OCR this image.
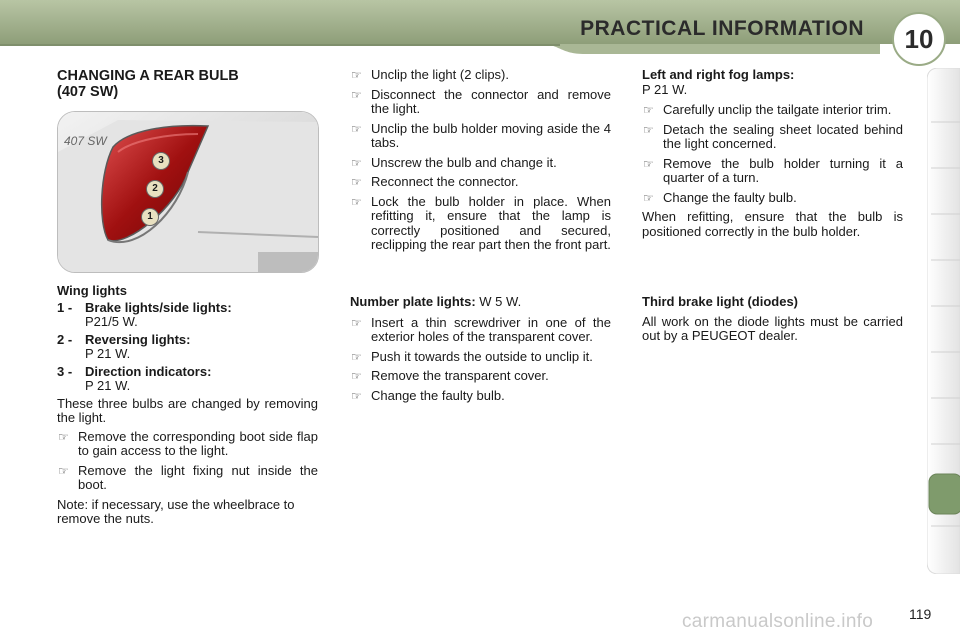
PRACTICAL INFORMATION	10
CHANGING A REAR BULB
(407 SW)
407 SW
3
2
1

Wing lights

1 - Brake lights/side lights:
P21/5 W.
2 - Reversing lights:
P 21 W.
3 - Direction indicators:
P 21 W.

These three bulbs are changed by removing the light.

☞ Remove the corresponding boot side flap to gain access to the light.
☞ Remove the light fixing nut inside the boot.

Note: if necessary, use the wheelbrace to remove the nuts.

☞ Unclip the light (2 clips).
☞ Disconnect the connector and remove the light.
☞ Unclip the bulb holder moving aside the 4 tabs.
☞ Unscrew the bulb and change it.
☞ Reconnect the connector.
☞ Lock the bulb holder in place. When refitting it, ensure that the lamp is correctly positioned and secured, reclipping the rear part then the front part.

Number plate lights: W 5 W.

☞ Insert a thin screwdriver in one of the exterior holes of the transparent cover.
☞ Push it towards the outside to unclip it.
☞ Remove the transparent cover.
☞ Change the faulty bulb.

Left and right fog lamps:

P 21 W.

☞ Carefully unclip the tailgate interior trim.
☞ Detach the sealing sheet located behind the light concerned.
☞ Remove the bulb holder turning it a quarter of a turn.
☞ Change the faulty bulb.

When refitting, ensure that the bulb is positioned correctly in the bulb holder.

Third brake light (diodes)

All work on the diode lights must be carried out by a PEUGEOT dealer.

119
carmanualsonline.info
